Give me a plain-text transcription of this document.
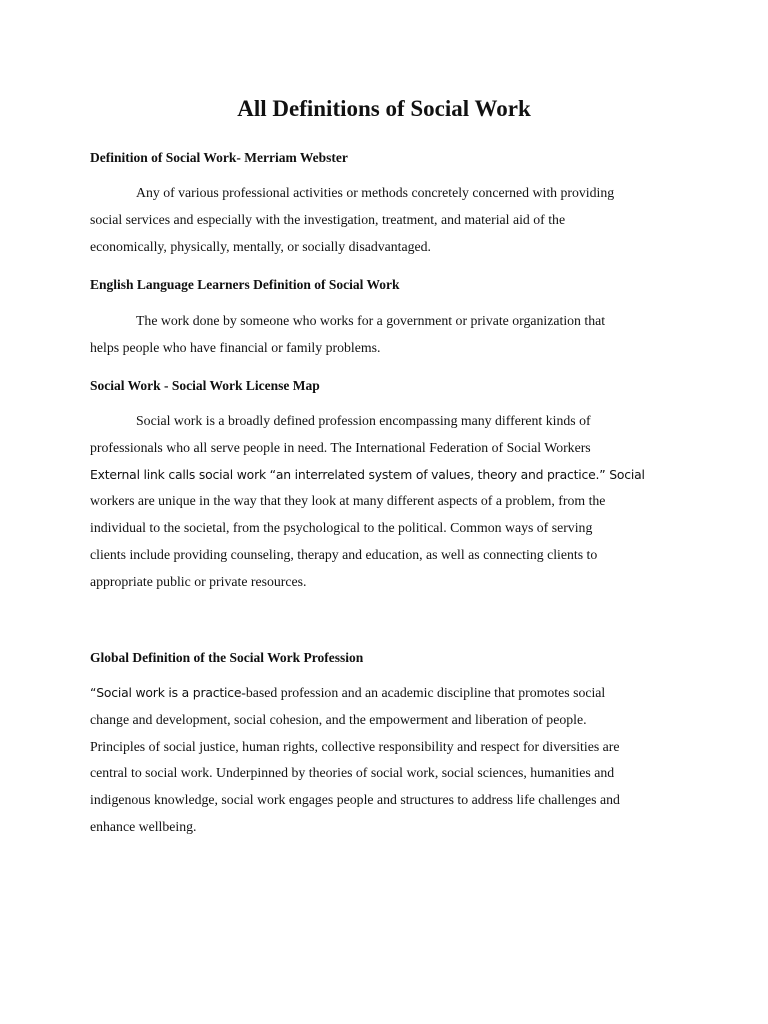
All Definitions of Social Work
Definition of Social Work- Merriam Webster
Any of various professional activities or methods concretely concerned with providing
social services and especially with the investigation, treatment, and material aid of the
economically, physically, mentally, or socially disadvantaged.
English Language Learners Definition of Social Work
The work done by someone who works for a government or private organization that
helps people who have financial or family problems.
Social Work - Social Work License Map
Social work is a broadly defined profession encompassing many different kinds of
professionals who all serve people in need. The International Federation of Social Workers
External link calls social work “an interrelated system of values, theory and practice.” Social
workers are unique in the way that they look at many different aspects of a problem, from the
individual to the societal, from the psychological to the political. Common ways of serving
clients include providing counseling, therapy and education, as well as connecting clients to
appropriate public or private resources.
Global Definition of the Social Work Profession
“Social work is a practice-based profession and an academic discipline that promotes social
change and development, social cohesion, and the empowerment and liberation of people.
Principles of social justice, human rights, collective responsibility and respect for diversities are
central to social work. Underpinned by theories of social work, social sciences, humanities and
indigenous knowledge, social work engages people and structures to address life challenges and
enhance wellbeing.
